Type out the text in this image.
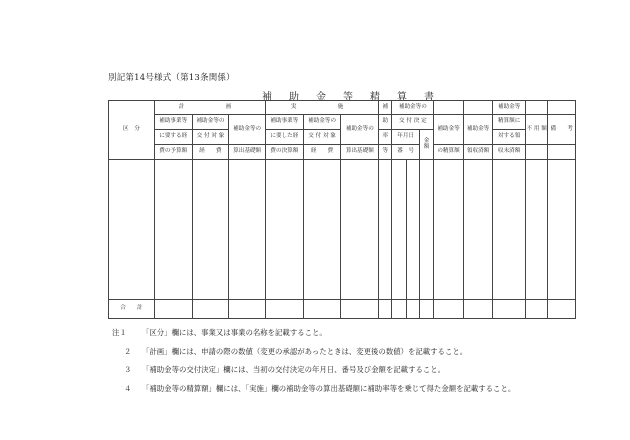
別記第14号様式（第13条関係）
補助金等精算書
区　分	計　　画			実　　施			補	補助金等の					補助金等		
	補助事業等	補助金等の	補助金等の	補助事業等	補助金等の	補助金等の	助	交 付 決 定			補助金等	補助金等	精算額に	不 用 額	備　　考
	に要する経	交 付 対 象		に要した経	交 付 対 象		率	年月日		金　額			対する領		
	費の予算額	経　　費	算出基礎額	費の決算額	経　　費	算出基礎額	等	番　号			の精算額	領収済額	収未済額		

合　　計															
注１ 「区分」欄には、事業又は事業の名称を記載すること。
２ 「計画」欄には、申請の際の数値（変更の承認があったときは、変更後の数値）を記載すること。
３ 「補助金等の交付決定」欄には、当初の交付決定の年月日、番号及び金額を記載すること。
４ 「補助金等の精算額」欄には、「実施」欄の補助金等の算出基礎額に補助率等を乗じて得た金額を記載すること。
